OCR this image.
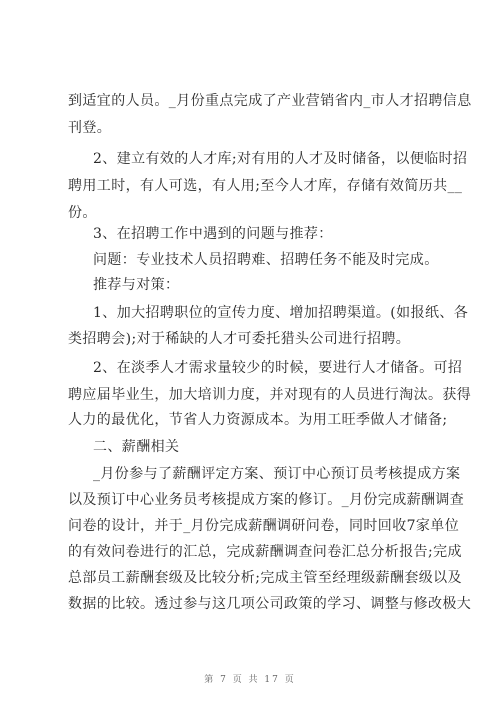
到适宜的人员。_月份重点完成了产业营销省内_市人才招聘信息
刊登。
2、建立有效的人才库;对有用的人才及时储备，以便临时招
聘用工时，有人可选，有人用;至今人才库，存储有效简历共__
份。
3、在招聘工作中遇到的问题与推荐：
问题：专业技术人员招聘难、招聘任务不能及时完成。
推荐与对策：
1、加大招聘职位的宣传力度、增加招聘渠道。(如报纸、各
类招聘会);对于稀缺的人才可委托猎头公司进行招聘。
2、在淡季人才需求量较少的时候，要进行人才储备。可招
聘应届毕业生，加大培训力度，并对现有的人员进行淘汰。获得
人力的最优化，节省人力资源成本。为用工旺季做人才储备;
二、薪酬相关
_月份参与了薪酬评定方案、预订中心预订员考核提成方案
以及预订中心业务员考核提成方案的修订。_月份完成薪酬调查
问卷的设计，并于_月份完成薪酬调研问卷，同时回收7家单位
的有效问卷进行的汇总，完成薪酬调查问卷汇总分析报告;完成
总部员工薪酬套级及比较分析;完成主管至经理级薪酬套级以及
数据的比较。透过参与这几项公司政策的学习、调整与修改极大
第 7 页 共 17 页
